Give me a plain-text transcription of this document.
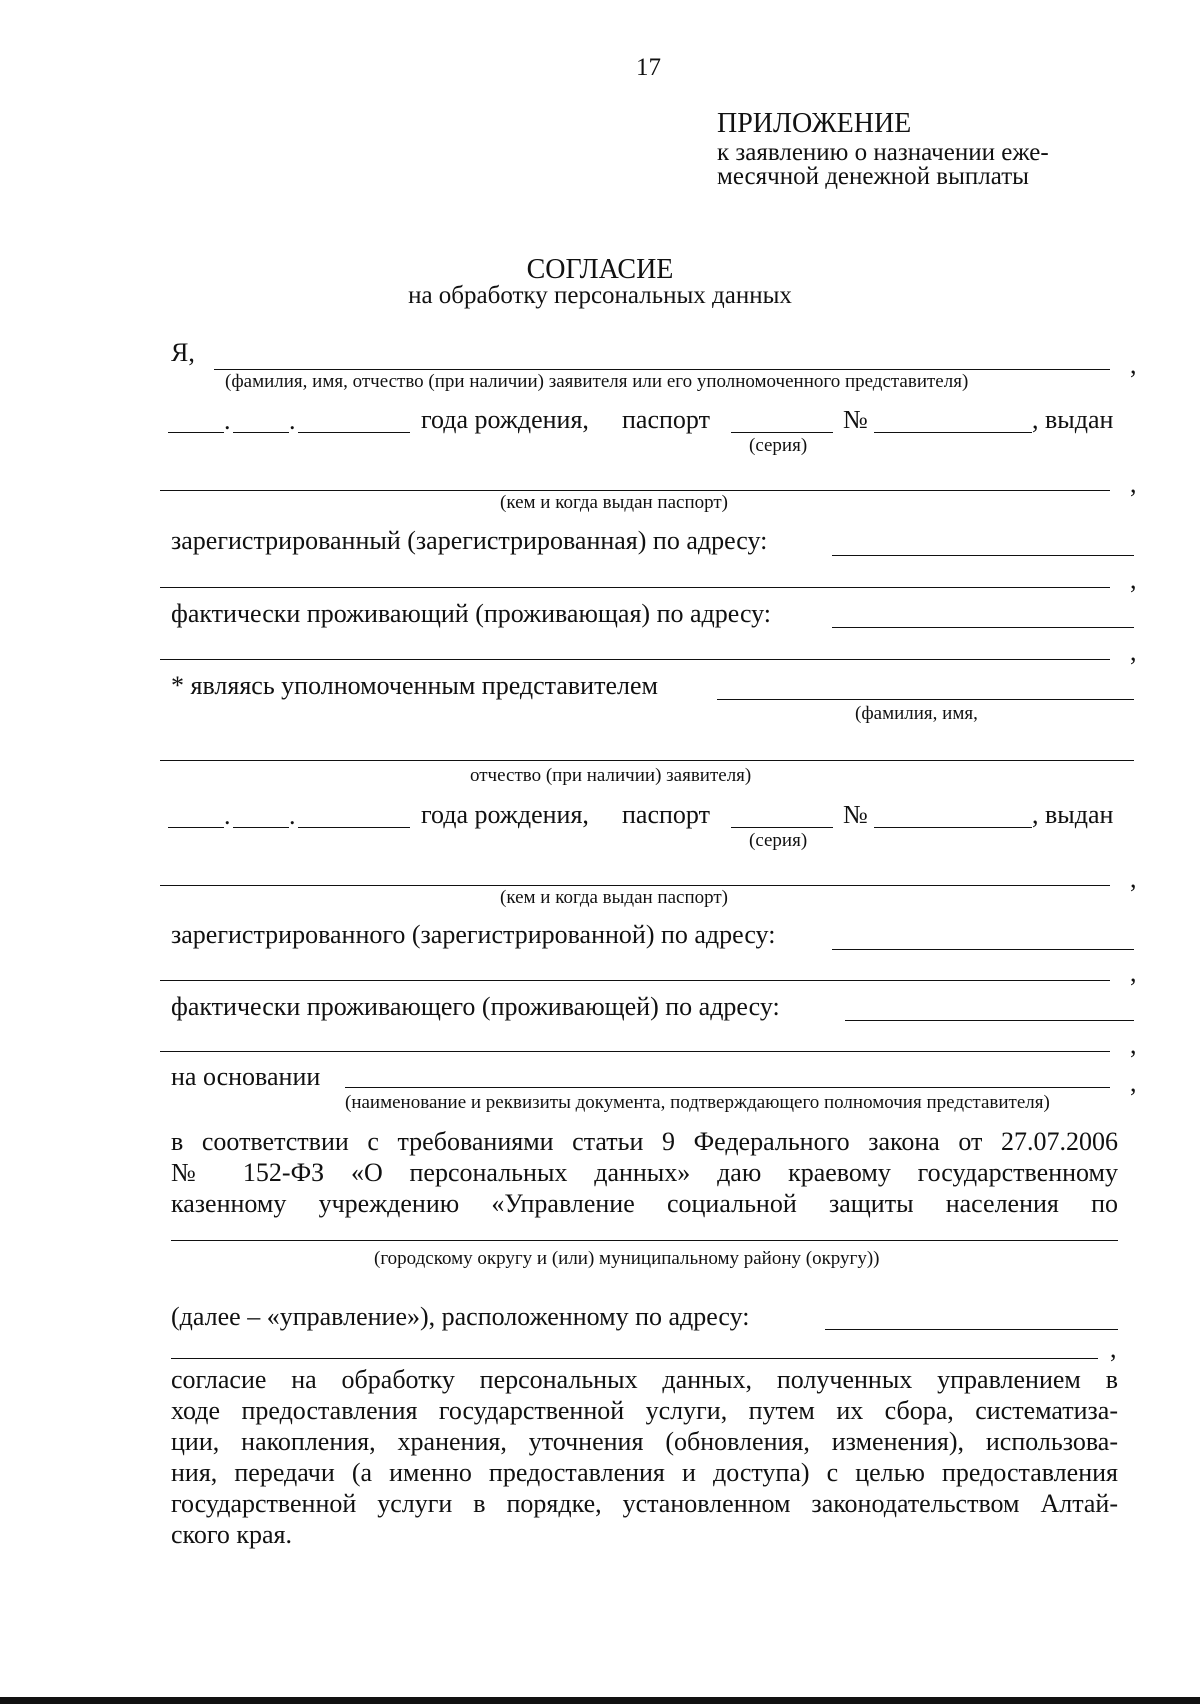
17
ПРИЛОЖЕНИЕ
к заявлению о назначении еже-
месячной денежной выплаты
СОГЛАСИЕ
на обработку персональных данных
Я,	,
(фамилия, имя, отчество (при наличии) заявителя или его уполномоченного представителя)
. .	года рождения, паспорт
(серия)
№	, выдан
,
(кем и когда выдан паспорт)
зарегистрированный (зарегистрированная) по адресу:
,
фактически проживающий (проживающая) по адресу:
,
* являясь уполномоченным представителем
(фамилия, имя,
отчество (при наличии) заявителя)
. .	года рождения, паспорт
(серия)
№	, выдан
,
(кем и когда выдан паспорт)
зарегистрированного (зарегистрированной) по адресу:
,
фактически проживающего (проживающей) по адресу:
,
на основании	,
(наименование и реквизиты документа, подтверждающего полномочия представителя)
в соответствии с требованиями статьи 9 Федерального закона от 27.07.2006
№ 152-ФЗ «О персональных данных» даю краевому государственному
казенному учреждению «Управление социальной защиты населения по
(городскому округу и (или) муниципальному району (округу))
(далее – «управление»), расположенному по адресу:
,
согласие на обработку персональных данных, полученных управлением в
ходе предоставления государственной услуги, путем их сбора, систематиза-
ции, накопления, хранения, уточнения (обновления, изменения), использова-
ния, передачи (а именно предоставления и доступа) с целью предоставления
государственной услуги в порядке, установленном законодательством Алтай-
ского края.
